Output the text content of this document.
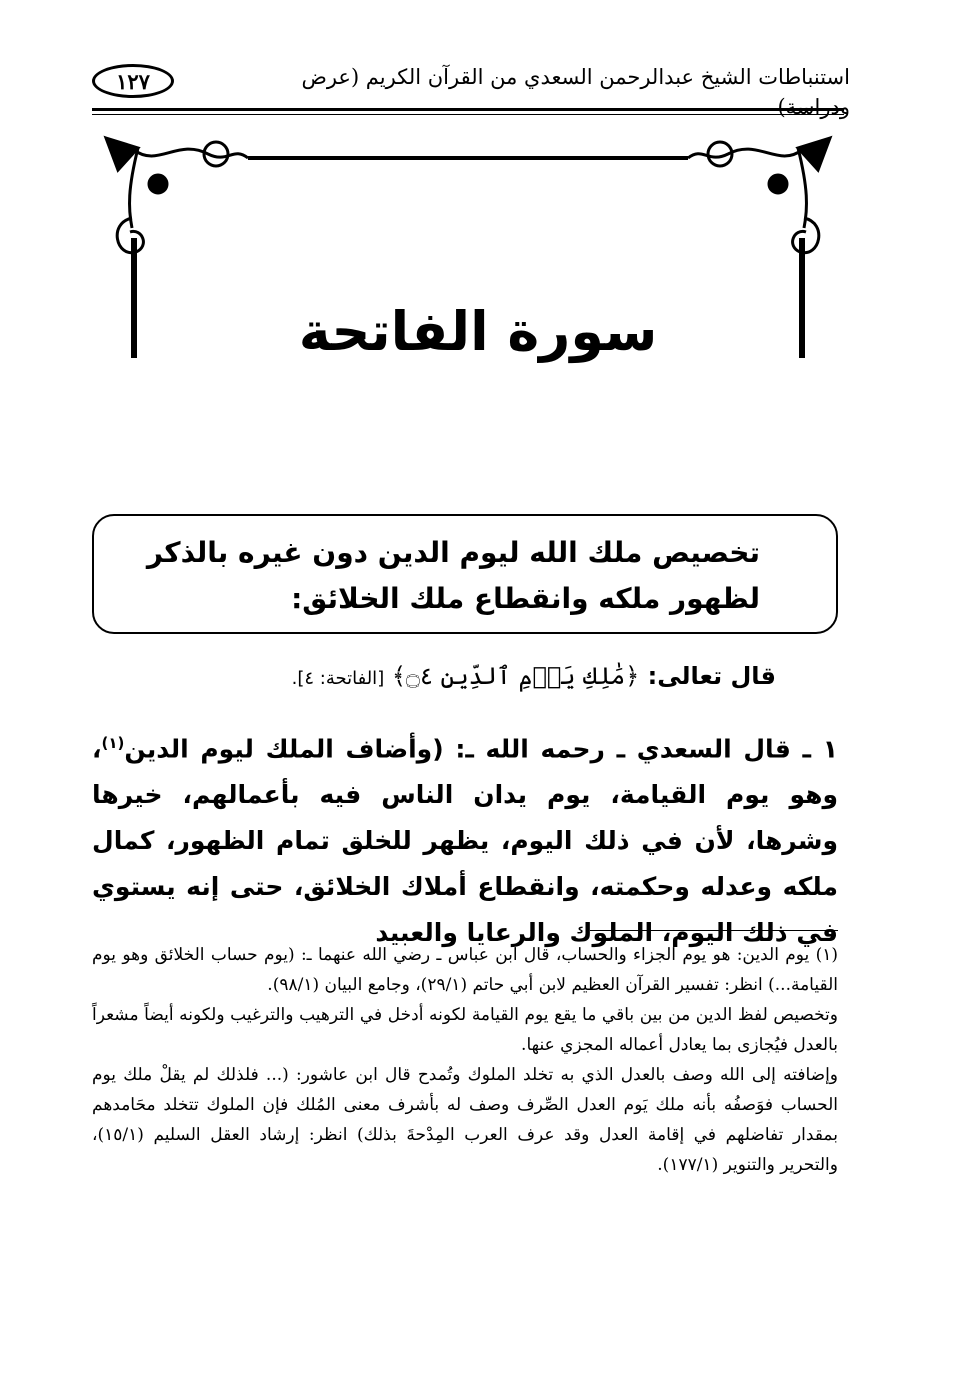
استنباطات الشيخ عبدالرحمن السعدي من القرآن الكريم (عرض ودراسة)
١٢٧
سورة الفاتحة

تخصيص ملك الله ليوم الدين دون غيره بالذكر

لظهور ملكه وانقطاع ملك الخلائق:

قال تعالى: ﴿مَٰلِكِ يَوۡمِ ٱلدِّينِ ۝٤﴾ [الفاتحة: ٤].
١ ـ قال السعدي ـ رحمه الله ـ: (وأضاف الملك ليوم الدين$^{(١)}$، وهو يوم القيامة، يوم يدان الناس فيه بأعمالهم، خيرها وشرها، لأن في ذلك اليوم، يظهر للخلق تمام الظهور، كمال ملكه وعدله وحكمته، وانقطاع أملاك الخلائق، حتى إنه يستوي في ذلك اليوم، الملوك والرعايا والعبيد

(١) يوم الدين: هو يوم الجزاء والحساب، قال ابن عباس ـ رضي الله عنهما ـ: (يوم حساب الخلائق وهو يوم القيامة...) انظر: تفسير القرآن العظيم لابن أبي حاتم (٢٩/١)، وجامع البيان (٩٨/١).

وتخصيص لفظ الدين من بين باقي ما يقع يوم القيامة لكونه أدخل في الترهيب والترغيب ولكونه أيضاً مشعراً بالعدل فيُجازى بما يعادل أعماله المجزي عنها.

وإضافته إلى الله وصف بالعدل الذي به تخلد الملوك وتُمدح قال ابن عاشور: (... فلذلك لم يقلْ ملك يوم الحساب فوَصفُه بأنه ملك يَوم العدل الصِّرف وصف له بأشرف معنى المُلك فإن الملوك تتخلد محَامدهم بمقدار تفاضلهم في إقامة العدل وقد عرف العرب المِدْحةَ بذلك) انظر: إرشاد العقل السليم (١٥/١)، والتحرير والتنوير (١٧٧/١).
